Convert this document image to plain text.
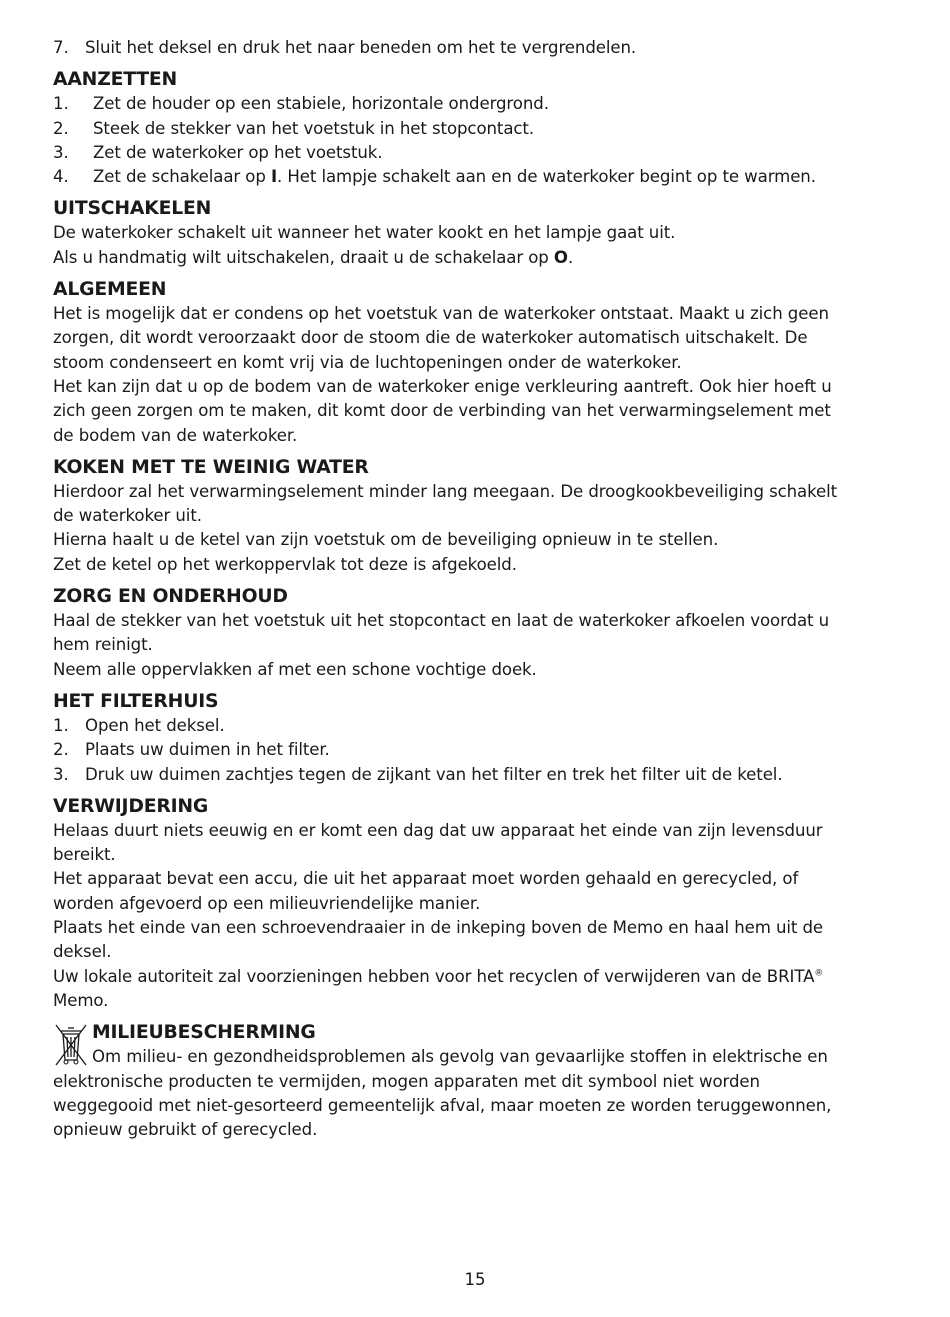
7. Sluit het deksel en druk het naar beneden om het te vergrendelen.
AANZETTEN
1.	Zet de houder op een stabiele, horizontale ondergrond.
2.	Steek de stekker van het voetstuk in het stopcontact.
3.	Zet de waterkoker op het voetstuk.
4.	Zet de schakelaar op I. Het lampje schakelt aan en de waterkoker begint op te warmen.
UITSCHAKELEN
De waterkoker schakelt uit wanneer het water kookt en het lampje gaat uit.
Als u handmatig wilt uitschakelen, draait u de schakelaar op O.
ALGEMEEN
Het is mogelijk dat er condens op het voetstuk van de waterkoker ontstaat. Maakt u zich geen
zorgen, dit wordt veroorzaakt door de stoom die de waterkoker automatisch uitschakelt. De
stoom condenseert en komt vrij via de luchtopeningen onder de waterkoker.
Het kan zijn dat u op de bodem van de waterkoker enige verkleuring aantreft. Ook hier hoeft u
zich geen zorgen om te maken, dit komt door de verbinding van het verwarmingselement met
de bodem van de waterkoker.
KOKEN MET TE WEINIG WATER
Hierdoor zal het verwarmingselement minder lang meegaan. De droogkookbeveiliging schakelt
de waterkoker uit.
Hierna haalt u de ketel van zijn voetstuk om de beveiliging opnieuw in te stellen.
Zet de ketel op het werkoppervlak tot deze is afgekoeld.
ZORG EN ONDERHOUD
Haal de stekker van het voetstuk uit het stopcontact en laat de waterkoker afkoelen voordat u
hem reinigt.
Neem alle oppervlakken af met een schone vochtige doek.
HET FILTERHUIS
1. Open het deksel.
2. Plaats uw duimen in het filter.
3. Druk uw duimen zachtjes tegen de zijkant van het filter en trek het filter uit de ketel.
VERWIJDERING
Helaas duurt niets eeuwig en er komt een dag dat uw apparaat het einde van zijn levensduur
bereikt.
Het apparaat bevat een accu, die uit het apparaat moet worden gehaald en gerecycled, of
worden afgevoerd op een milieuvriendelijke manier.
Plaats het einde van een schroevendraaier in de inkeping boven de Memo en haal hem uit de
deksel.
Uw lokale autoriteit zal voorzieningen hebben voor het recyclen of verwijderen van de BRITA®
Memo.
MILIEUBESCHERMING
Om milieu- en gezondheidsproblemen als gevolg van gevaarlijke stoffen in elektrische en
elektronische producten te vermijden, mogen apparaten met dit symbool niet worden
weggegooid met niet-gesorteerd gemeentelijk afval, maar moeten ze worden teruggewonnen,
opnieuw gebruikt of gerecycled.
15
